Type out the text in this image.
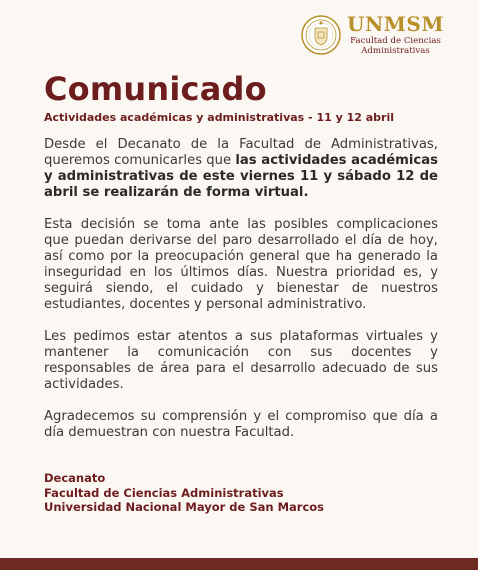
UNMSM
Facultad de Ciencias
Administrativas
Comunicado
Actividades académicas y administrativas - 11 y 12 abril

Desde el Decanato de la Facultad de Administrativas, queremos comunicarles que las actividades académicas y administrativas de este viernes 11 y sábado 12 de abril se realizarán de forma virtual.

Esta decisión se toma ante las posibles complicaciones que puedan derivarse del paro desarrollado el día de hoy, así como por la preocupación general que ha generado la inseguridad en los últimos días. Nuestra prioridad es, y seguirá siendo, el cuidado y bienestar de nuestros estudiantes, docentes y personal administrativo.

Les pedimos estar atentos a sus plataformas virtuales y mantener la comunicación con sus docentes y responsables de área para el desarrollo adecuado de sus actividades.

Agradecemos su comprensión y el compromiso que día a día demuestran con nuestra Facultad.

Decanato
Facultad de Ciencias Administrativas
Universidad Nacional Mayor de San Marcos
